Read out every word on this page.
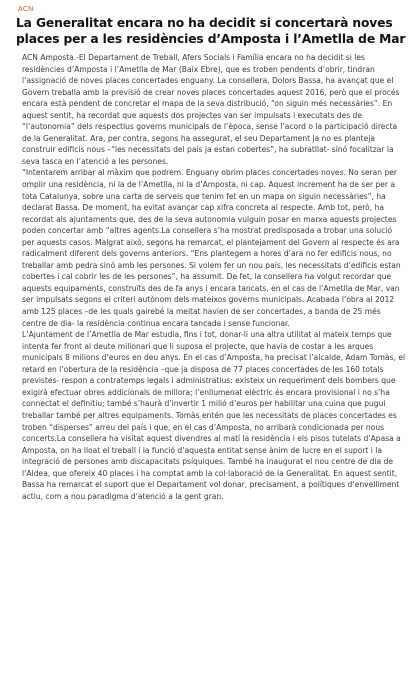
ACN
La Generalitat encara no ha decidit si concertarà noves places per a les residències d’Amposta i l’Ametlla de Mar

ACN Amposta.-El Departament de Treball, Afers Socials i Família encara no ha decidit si les residències d’Amposta i l’Ametlla de Mar (Baix Ebre), que es troben pendents d’obrir, tindran l’assignació de noves places concertades enguany. La consellera, Dolors Bassa, ha avançat que el Govern treballa amb la previsió de crear noves places concertades aquest 2016, però que el procés encara està pendent de concretar el mapa de la seva distribució, “on siguin més necessàries”. En aquest sentit, ha recordat que aquests dos projectes van ser impulsats i executats des de “l’autonomia” dels respectius governs municipals de l’època, sense l’acord o la participació directa de la Generalitat. Ara, per contra, segons ha assegurat, el seu Departament ja no es planteja construir edificis nous –“les necessitats del país ja estan cobertes”, ha subratllat- sinó focalitzar la seva tasca en l’atenció a les persones.

“Intentarem arribar al màxim que podrem. Enguany obrim places concertades noves. No seran per omplir una residència, ni la de l’Ametlla, ni la d’Amposta, ni cap. Aquest increment ha de ser per a tota Catalunya, sobre una carta de serveis que tenim fet en un mapa on siguin necessàries”, ha declarat Bassa. De moment, ha evitat avançar cap xifra concreta al respecte. Amb tot, però, ha recordat als ajuntaments que, des de la seva autonomia vulguin posar en marxa aquests projectes poden concertar amb “altres agents.La consellera s’ha mostrat predisposada a trobar una solució per aquests casos. Malgrat això, segons ha remarcat, el plantejament del Govern al respecte és ara radicalment diferent dels governs anteriors. “Ens plantegem a hores d’ara no fer edificis nous, no treballar amb pedra sinó amb les persones. Si volem fer un nou país, les necessitats d’edificis estan cobertes i cal cobrir les de les persones”, ha assumit. De fet, la consellera ha volgut recordar que aquests equipaments, construïts des de fa anys i encara tancats, en el cas de l’Ametlla de Mar, van ser impulsats segons el criteri autònom dels mateixos governs municipals. Acabada l’obra al 2012 amb 125 places –de les quals gairebé la meitat havien de ser concertades, a banda de 25 més centre de dia- la residència continua encara tancada i sense funcionar.

L’Ajuntament de l’Ametlla de Mar estudia, fins i tot, donar-li una altra utilitat al mateix temps que intenta fer front al deute milionari que li suposa el projecte, que havia de costar a les arques municipals 8 milions d’euros en deu anys. En el cas d’Amposta, ha precisat l’alcalde, Adam Tomàs, el retard en l’obertura de la residència –que ja disposa de 77 places concertades de les 160 totals previstes- respon a contratemps legals i administratius: existeix un requeriment dels bombers que exigirà efectuar obres addicionals de millora; l’enllumenat elèctric és encara provisional i no s’ha connectat el definitiu; també s’haurà d’invertir 1 milió d’euros per habilitar una cuina que pugui treballar també per altres equipaments. Tomàs entén que les necessitats de places concertades es troben “disperses” arreu del país i que, en el cas d’Amposta, no arribarà condicionada per nous concerts.La consellera ha visitat aquest divendres al matí la residència i els pisos tutelats d’Apasa a Amposta, on ha lloat el treball i la funció d’aquesta entitat sense ànim de lucre en el suport i la integració de persones amb discapacitats psíquiques. També ha inaugurat el nou centre de dia de l’Aldea, que ofereix 40 places i ha comptat amb la col·laboració de la Generalitat. En aquest sentit, Bassa ha remarcat el suport que el Departament vol donar, precisament, a polítiques d’envelliment actiu, com a nou paradigma d’atenció a la gent gran.
